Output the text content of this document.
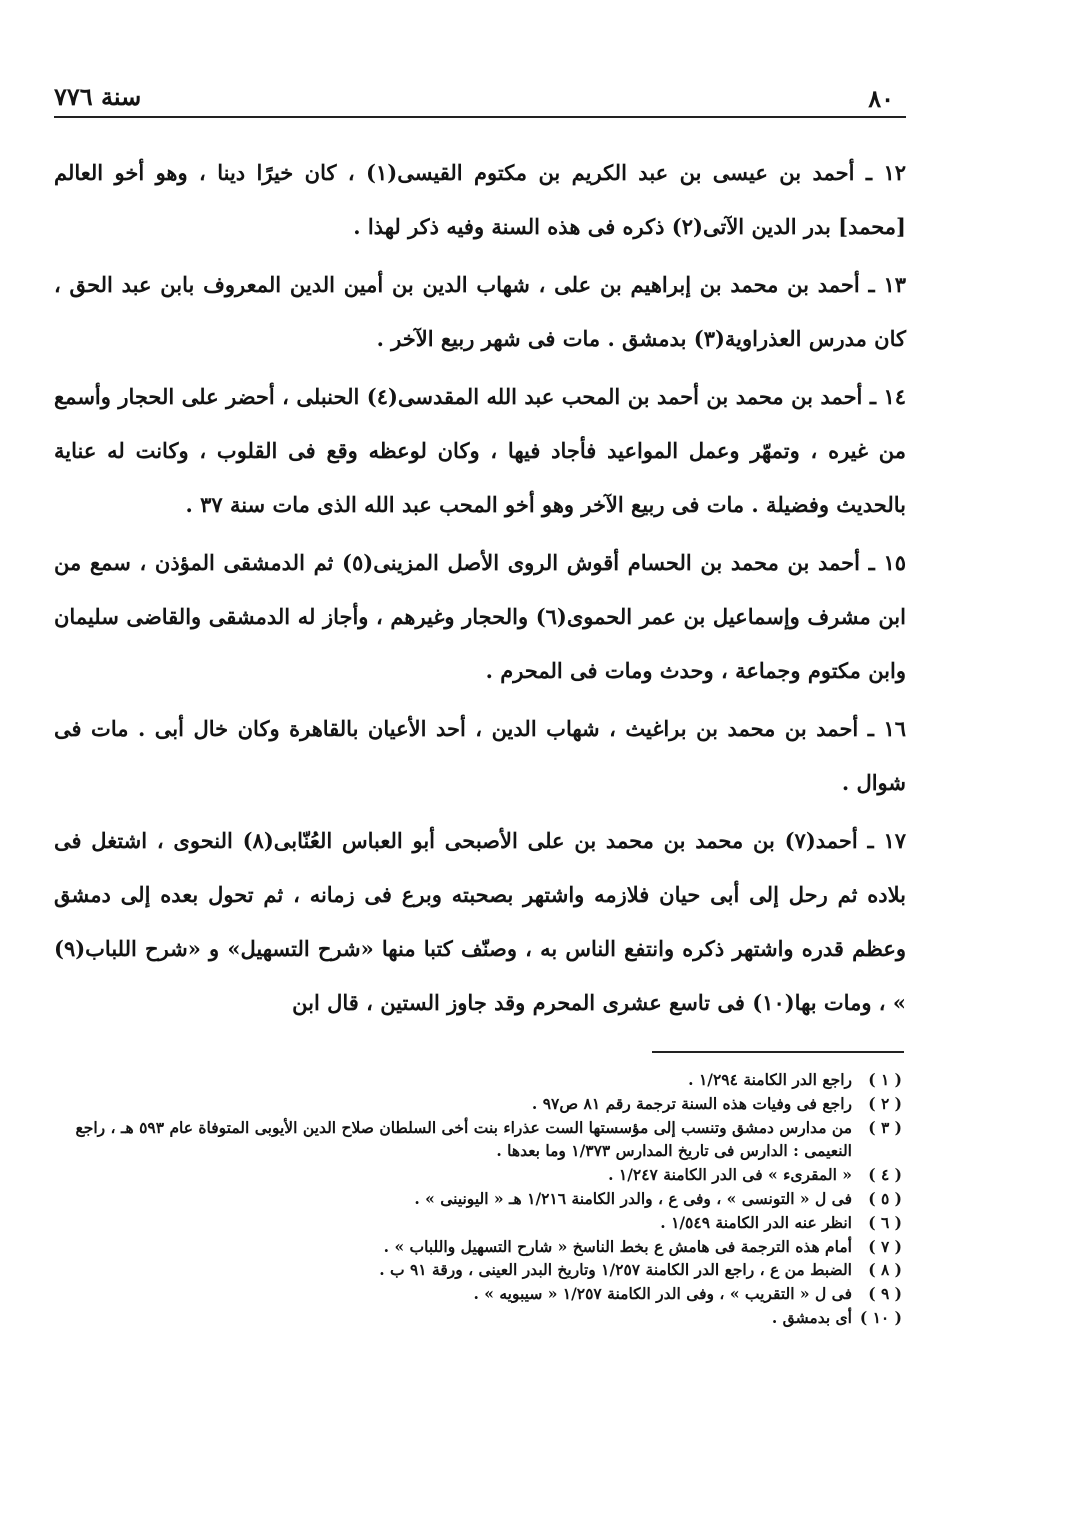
٨٠
سنة ٧٧٦

١٢ ـ أحمد بن عيسى بن عبد الكريم بن مكتوم القيسى(١) ، كان خيرًا دينا ، وهو أخو العالم [محمد] بدر الدين الآتى(٢) ذكره فى هذه السنة وفيه ذكر لهذا .

١٣ ـ أحمد بن محمد بن إبراهيم بن على ، شهاب الدين بن أمين الدين المعروف بابن عبد الحق ، كان مدرس العذراوية(٣) بدمشق . مات فى شهر ربيع الآخر .

١٤ ـ أحمد بن محمد بن أحمد بن المحب عبد الله المقدسى(٤) الحنبلى ، أحضر على الحجار وأسمع من غيره ، وتمهّر وعمل المواعيد فأجاد فيها ، وكان لوعظه وقع فى القلوب ، وكانت له عناية بالحديث وفضيلة . مات فى ربيع الآخر وهو أخو المحب عبد الله الذى مات سنة ٣٧ .

١٥ ـ أحمد بن محمد بن الحسام أقوش الروى الأصل المزينى(٥) ثم الدمشقى المؤذن ، سمع من ابن مشرف وإسماعيل بن عمر الحموى(٦) والحجار وغيرهم ، وأجاز له الدمشقى والقاضى سليمان وابن مكتوم وجماعة ، وحدث ومات فى المحرم .

١٦ ـ أحمد بن محمد بن براغيث ، شهاب الدين ، أحد الأعيان بالقاهرة وكان خال أبى . مات فى شوال .

١٧ ـ أحمد(٧) بن محمد بن محمد بن على الأصبحى أبو العباس العُنّابى(٨) النحوى ، اشتغل فى بلاده ثم رحل إلى أبى حيان فلازمه واشتهر بصحبته وبرع فى زمانه ، ثم تحول بعده إلى دمشق وعظم قدره واشتهر ذكره وانتفع الناس به ، وصنّف كتبا منها «شرح التسهيل» و «شرح اللباب(٩) » ، ومات بها(١٠) فى تاسع عشرى المحرم وقد جاوز الستين ، قال ابن

( ١ )
راجع الدر الكامنة ١/٢٩٤ .
( ٢ )
راجع فى وفيات هذه السنة ترجمة رقم ٨١ ص٩٧ .
( ٣ )
من مدارس دمشق وتنسب إلى مؤسستها الست عذراء بنت أخى السلطان صلاح الدين الأيوبى المتوفاة عام ٥٩٣ هـ ، راجع النعيمى : الدارس فى تاريخ المدارس ١/٣٧٣ وما بعدها .
( ٤ )
« المقرىء » فى الدر الكامنة ١/٢٤٧ .
( ٥ )
فى ل « التونسى » ، وفى ع ، والدر الكامنة ١/٢١٦ هـ « اليونينى » .
( ٦ )
انظر عنه الدر الكامنة ١/٥٤٩ .
( ٧ )
أمام هذه الترجمة فى هامش ع بخط الناسخ « شارح التسهيل واللباب » .
( ٨ )
الضبط من ع ، راجع الدر الكامنة ١/٢٥٧ وتاريخ البدر العينى ، ورقة ٩١ ب .
( ٩ )
فى ل « التقريب » ، وفى الدر الكامنة ١/٢٥٧ « سيبويه » .
( ١٠ )
أى بدمشق .
